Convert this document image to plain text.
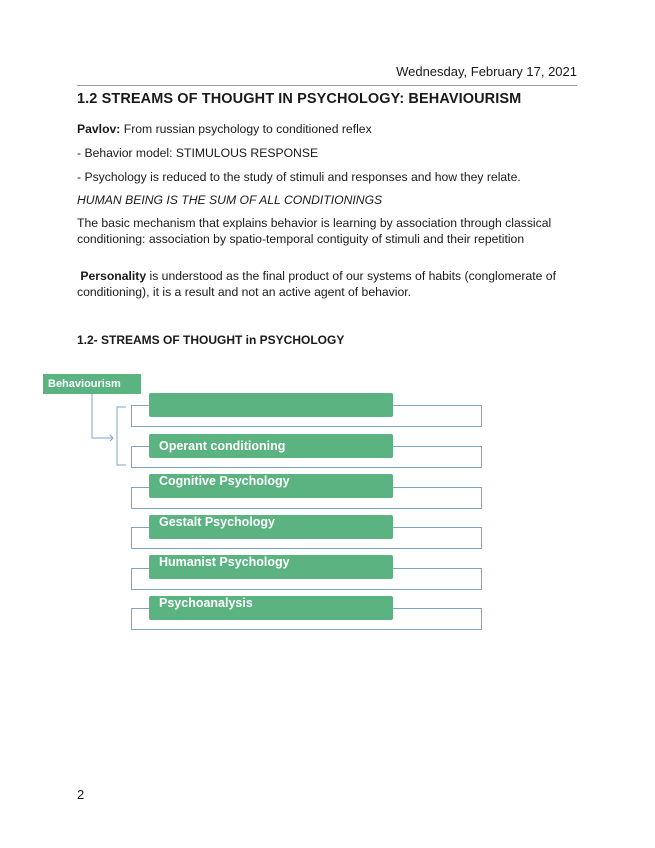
Wednesday, February 17, 2021
1.2 STREAMS OF THOUGHT IN PSYCHOLOGY: BEHAVIOURISM
Pavlov: From russian psychology to conditioned reflex
- Behavior model: STIMULOUS RESPONSE
- Psychology is reduced to the study of stimuli and responses and how they relate.
HUMAN BEING IS THE SUM OF ALL CONDITIONINGS
The basic mechanism that explains behavior is learning by association through classical conditioning: association by spatio-temporal contiguity of stimuli and their repetition
Personality is understood as the final product of our systems of habits (conglomerate of conditioning), it is a result and not an active agent of behavior.
1.2- STREAMS OF THOUGHT in PSYCHOLOGY
Behaviourism
Operant conditioning
Cognitive Psychology
Gestalt Psychology
Humanist Psychology
Psychoanalysis
2
